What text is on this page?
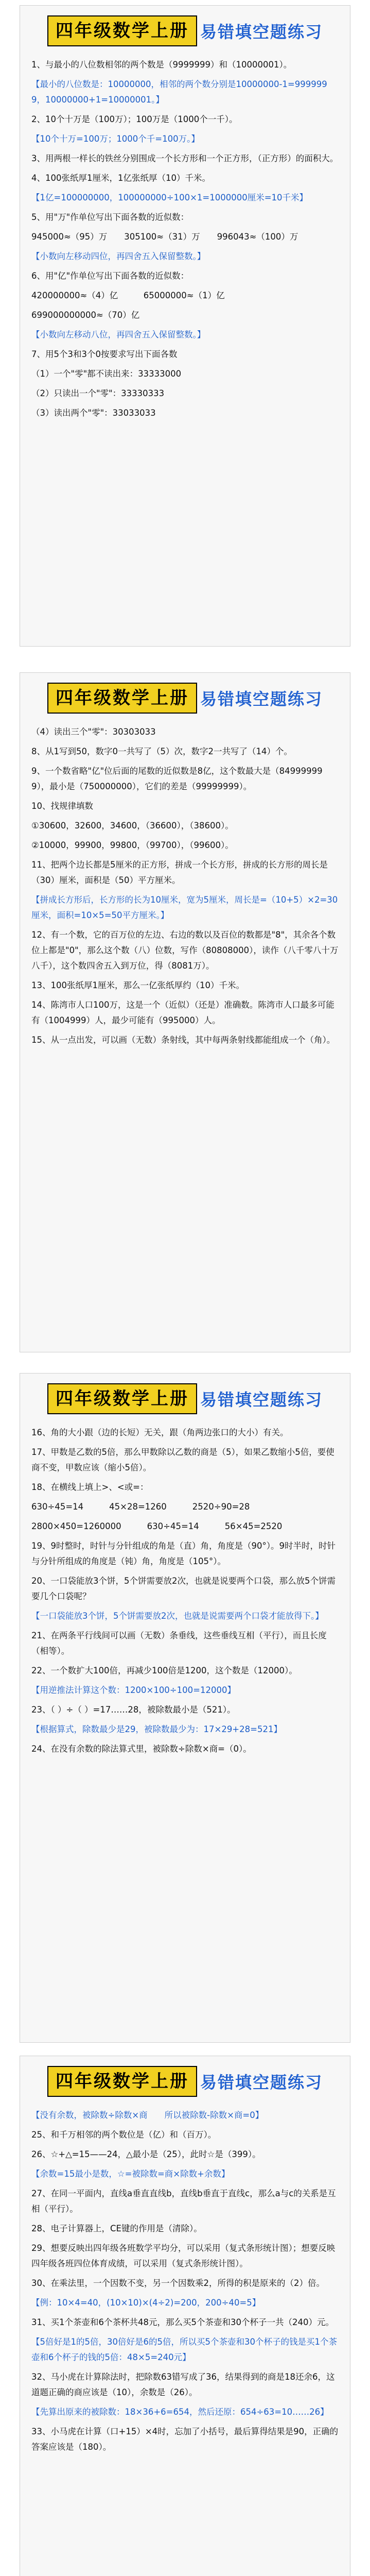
四年级数学上册 易错填空题练习

1、与最小的八位数相邻的两个数是（9999999）和（10000001）。

【最小的八位数是：10000000，相邻的两个数分别是10000000-1=9999999，10000000+1=10000001。】

2、10个十万是（100万）；100万是（1000个一千）。

【10个十万=100万；1000个千=100万。】

3、用两根一样长的铁丝分别围成一个长方形和一个正方形，（正方形）的面积大。

4、100张纸厚1厘米，1亿张纸厚（10）千米。

【1亿=100000000，100000000÷100×1=1000000厘米=10千米】

5、用"万"作单位写出下面各数的近似数：

945000≈（95）万　　305100≈（31）万　　996043≈（100）万

【小数向左移动四位，再四舍五入保留整数。】

6、用"亿"作单位写出下面各数的近似数：

420000000≈（4）亿　　　65000000≈（1）亿

699000000000≈（70）亿

【小数向左移动八位，再四舍五入保留整数。】

7、用5个3和3个0按要求写出下面各数

（1）一个"零"都不读出来：33333000

（2）只读出一个"零"：33330333

（3）读出两个"零"：33033033

四年级数学上册 易错填空题练习

（4）读出三个"零"：30303033

8、从1写到50，数字0一共写了（5）次，数字2一共写了（14）个。

9、一个数省略"亿"位后面的尾数的近似数是8亿，这个数最大是（849999999），最小是（750000000），它们的差是（99999999）。

10、找规律填数

①30600，32600，34600，（36600），（38600）。

②10000，99900，99800，（99700），（99600）。

11、把两个边长都是5厘米的正方形，拼成一个长方形，拼成的长方形的周长是（30）厘米，面积是（50）平方厘米。

【拼成长方形后，长方形的长为10厘米，宽为5厘米，周长是=（10+5）×2=30厘米，面积=10×5=50平方厘米。】

12、有一个数，它的百万位的左边、右边的数以及百位的数都是"8"，其余各个数位上都是"0"，那么这个数（八）位数，写作（80808000），读作（八千零八十万八千），这个数四舍五入到万位，得（8081万）。

13、100张纸厚1厘米，那么一亿张纸厚约（10）千米。

14、陈湾市人口100万，这是一个（近似）（还是）准确数。陈湾市人口最多可能有（1004999）人，最少可能有（995000）人。

15、从一点出发，可以画（无数）条射线，其中每两条射线都能组成一个（角）。

四年级数学上册 易错填空题练习

16、角的大小跟（边的长短）无关，跟（角两边张口的大小）有关。

17、甲数是乙数的5倍，那么甲数除以乙数的商是（5），如果乙数缩小5倍，要使商不变，甲数应该（缩小5倍）。

18、在横线上填上>、<或=：

630÷45=14	45×28=1260	2520÷90=28
2800×450=1260000	630÷45=14	56×45=2520

19、9时整时，时针与分针组成的角是（直）角，角度是（90°）。9时半时，时针与分针所组成的角度是（钝）角，角度是（105°）。

20、一口袋能放3个饼，5个饼需要放2次，也就是说要两个口袋，那么放5个饼需要几个口袋呢？

【一口袋能放3个饼，5个饼需要放2次，也就是说需要两个口袋才能放得下。】

21、在两条平行线间可以画（无数）条垂线，这些垂线互相（平行），而且长度（相等）。

22、一个数扩大100倍，再减少100倍是1200，这个数是（12000）。

【用逆推法计算这个数：1200×100÷100=12000】

23、（ ）÷（ ）=17……28，被除数最小是（521）。

【根据算式，除数最少是29，被除数最少为：17×29+28=521】

24、在没有余数的除法算式里，被除数÷除数×商=（0）。

四年级数学上册 易错填空题练习

【没有余数，被除数÷除数×商　　所以被除数-除数×商=0】

25、和千万相邻的两个数位是（亿）和（百万）。

26、☆+△=15——24，△最小是（25），此时☆是（399）。

【余数=15最小是数，☆=被除数=商×除数+余数】

27、在同一平面内，直线a垂直直线b，直线b垂直于直线c，那么a与c的关系是互相（平行）。

28、电子计算器上，CE键的作用是（清除）。

29、想要反映出四年级各班数学平均分，可以采用（复式条形统计图）；想要反映四年级各班四位体育成绩，可以采用（复式条形统计图）。

30、在乘法里，一个因数不变，另一个因数乘2，所得的积是原来的（2）倍。

【例：10×4=40，(10×10)×(4÷2)=200，200÷40=5】

31、买1个茶壶和6个茶杯共48元，那么买5个茶壶和30个杯子一共（240）元。

【5倍好是1的5倍，30倍好是6的5倍，所以买5个茶壶和30个杯子的钱是买1个茶壶和6个杯子的钱的5倍：48×5=240元】

32、马小虎在计算除法时，把除数63错写成了36，结果得到的商是18还余6，这道题正确的商应该是（10），余数是（26）。

【先算出原来的被除数：18×36+6=654，然后还原：654÷63=10……26】

33、小马虎在计算（口+15）×4时，忘加了小括号，最后算得结果是90，正确的答案应该是（180）。
